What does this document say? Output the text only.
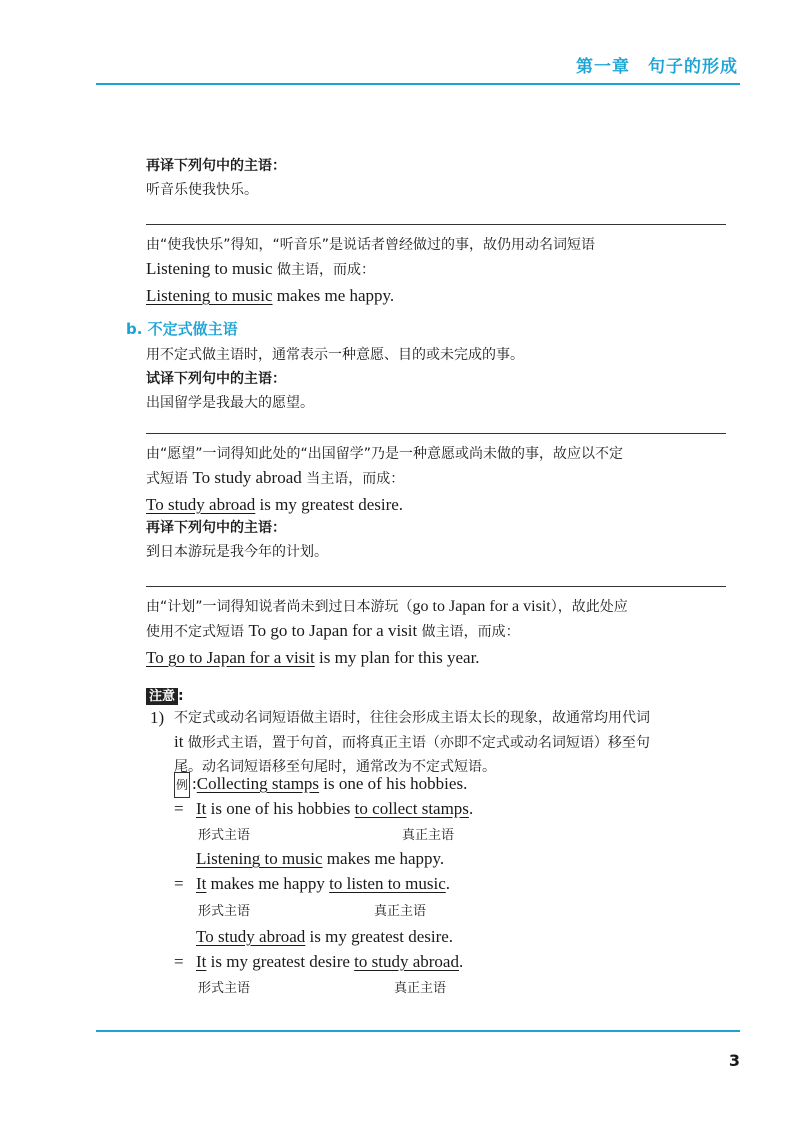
第一章　句子的形成
再译下列句中的主语：
听音乐使我快乐。
由“使我快乐”得知，“听音乐”是说话者曾经做过的事，故仍用动名词短语
Listening to music 做主语，而成：
Listening to music makes me happy.
b. 不定式做主语
用不定式做主语时，通常表示一种意愿、目的或未完成的事。
试译下列句中的主语：
出国留学是我最大的愿望。
由“愿望”一词得知此处的“出国留学”乃是一种意愿或尚未做的事，故应以不定
式短语 To study abroad 当主语，而成：
To study abroad is my greatest desire.
再译下列句中的主语：
到日本游玩是我今年的计划。
由“计划”一词得知说者尚未到过日本游玩（go to Japan for a visit），故此处应
使用不定式短语 To go to Japan for a visit 做主语，而成：
To go to Japan for a visit is my plan for this year.
注意 :
1) 不定式或动名词短语做主语时，往往会形成主语太长的现象，故通常均用代词
it 做形式主语，置于句首，而将真正主语（亦即不定式或动名词短语）移至句
尾。动名词短语移至句尾时，通常改为不定式短语。
例 :Collecting stamps is one of his hobbies.
= It is one of his hobbies to collect stamps.
形式主语	真正主语
Listening to music makes me happy.
= It makes me happy to listen to music.
形式主语	真正主语
To study abroad is my greatest desire.
= It is my greatest desire to study abroad.
形式主语	真正主语
3
